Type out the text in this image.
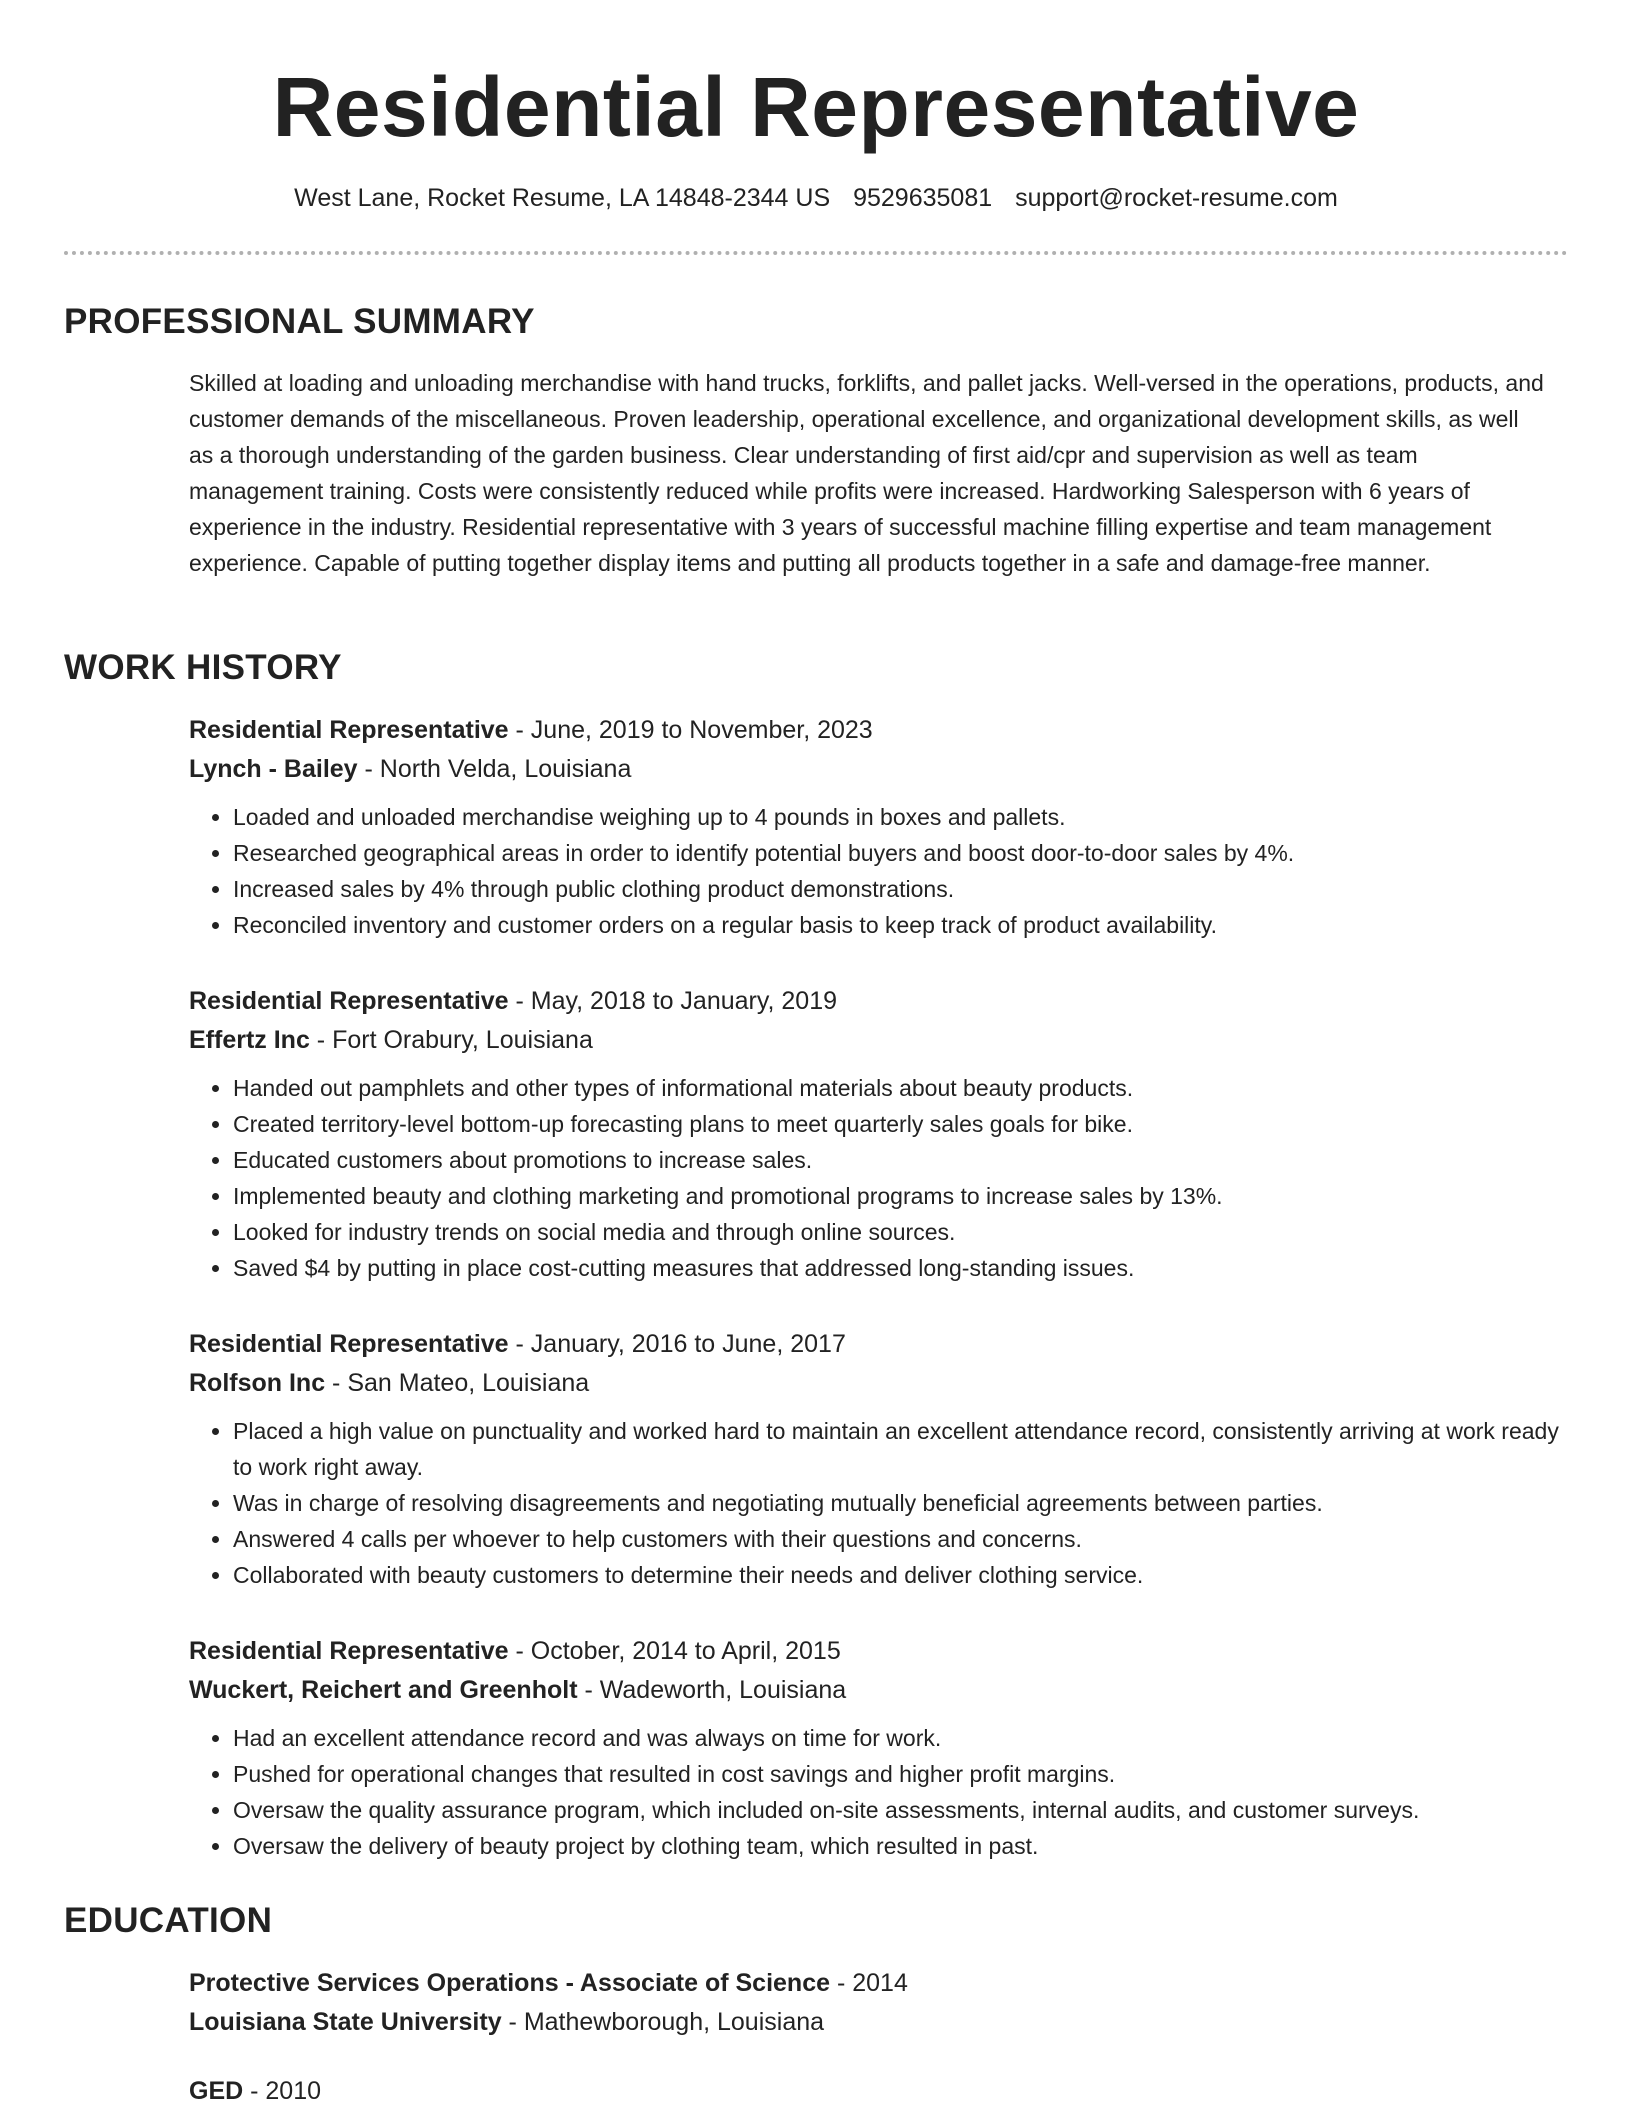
Residential Representative
West Lane, Rocket Resume, LA 14848-2344 US 9529635081 support@rocket-resume.com
PROFESSIONAL SUMMARY

Skilled at loading and unloading merchandise with hand trucks, forklifts, and pallet jacks. Well-versed in the operations, products, and customer demands of the miscellaneous. Proven leadership, operational excellence, and organizational development skills, as well as a thorough understanding of the garden business. Clear understanding of first aid/cpr and supervision as well as team management training. Costs were consistently reduced while profits were increased. Hardworking Salesperson with 6 years of experience in the industry. Residential representative with 3 years of successful machine filling expertise and team management experience. Capable of putting together display items and putting all products together in a safe and damage-free manner.

WORK HISTORY
Residential Representative - June, 2019 to November, 2023
Lynch - Bailey - North Velda, Louisiana
• Loaded and unloaded merchandise weighing up to 4 pounds in boxes and pallets.
• Researched geographical areas in order to identify potential buyers and boost door-to-door sales by 4%.
• Increased sales by 4% through public clothing product demonstrations.
• Reconciled inventory and customer orders on a regular basis to keep track of product availability.
Residential Representative - May, 2018 to January, 2019
Effertz Inc - Fort Orabury, Louisiana
• Handed out pamphlets and other types of informational materials about beauty products.
• Created territory-level bottom-up forecasting plans to meet quarterly sales goals for bike.
• Educated customers about promotions to increase sales.
• Implemented beauty and clothing marketing and promotional programs to increase sales by 13%.
• Looked for industry trends on social media and through online sources.
• Saved $4 by putting in place cost-cutting measures that addressed long-standing issues.
Residential Representative - January, 2016 to June, 2017
Rolfson Inc - San Mateo, Louisiana
• Placed a high value on punctuality and worked hard to maintain an excellent attendance record, consistently arriving at work ready to work right away.
• Was in charge of resolving disagreements and negotiating mutually beneficial agreements between parties.
• Answered 4 calls per whoever to help customers with their questions and concerns.
• Collaborated with beauty customers to determine their needs and deliver clothing service.
Residential Representative - October, 2014 to April, 2015
Wuckert, Reichert and Greenholt - Wadeworth, Louisiana
• Had an excellent attendance record and was always on time for work.
• Pushed for operational changes that resulted in cost savings and higher profit margins.
• Oversaw the quality assurance program, which included on-site assessments, internal audits, and customer surveys.
• Oversaw the delivery of beauty project by clothing team, which resulted in past.
EDUCATION
Protective Services Operations - Associate of Science - 2014
Louisiana State University - Mathewborough, Louisiana
GED - 2010
